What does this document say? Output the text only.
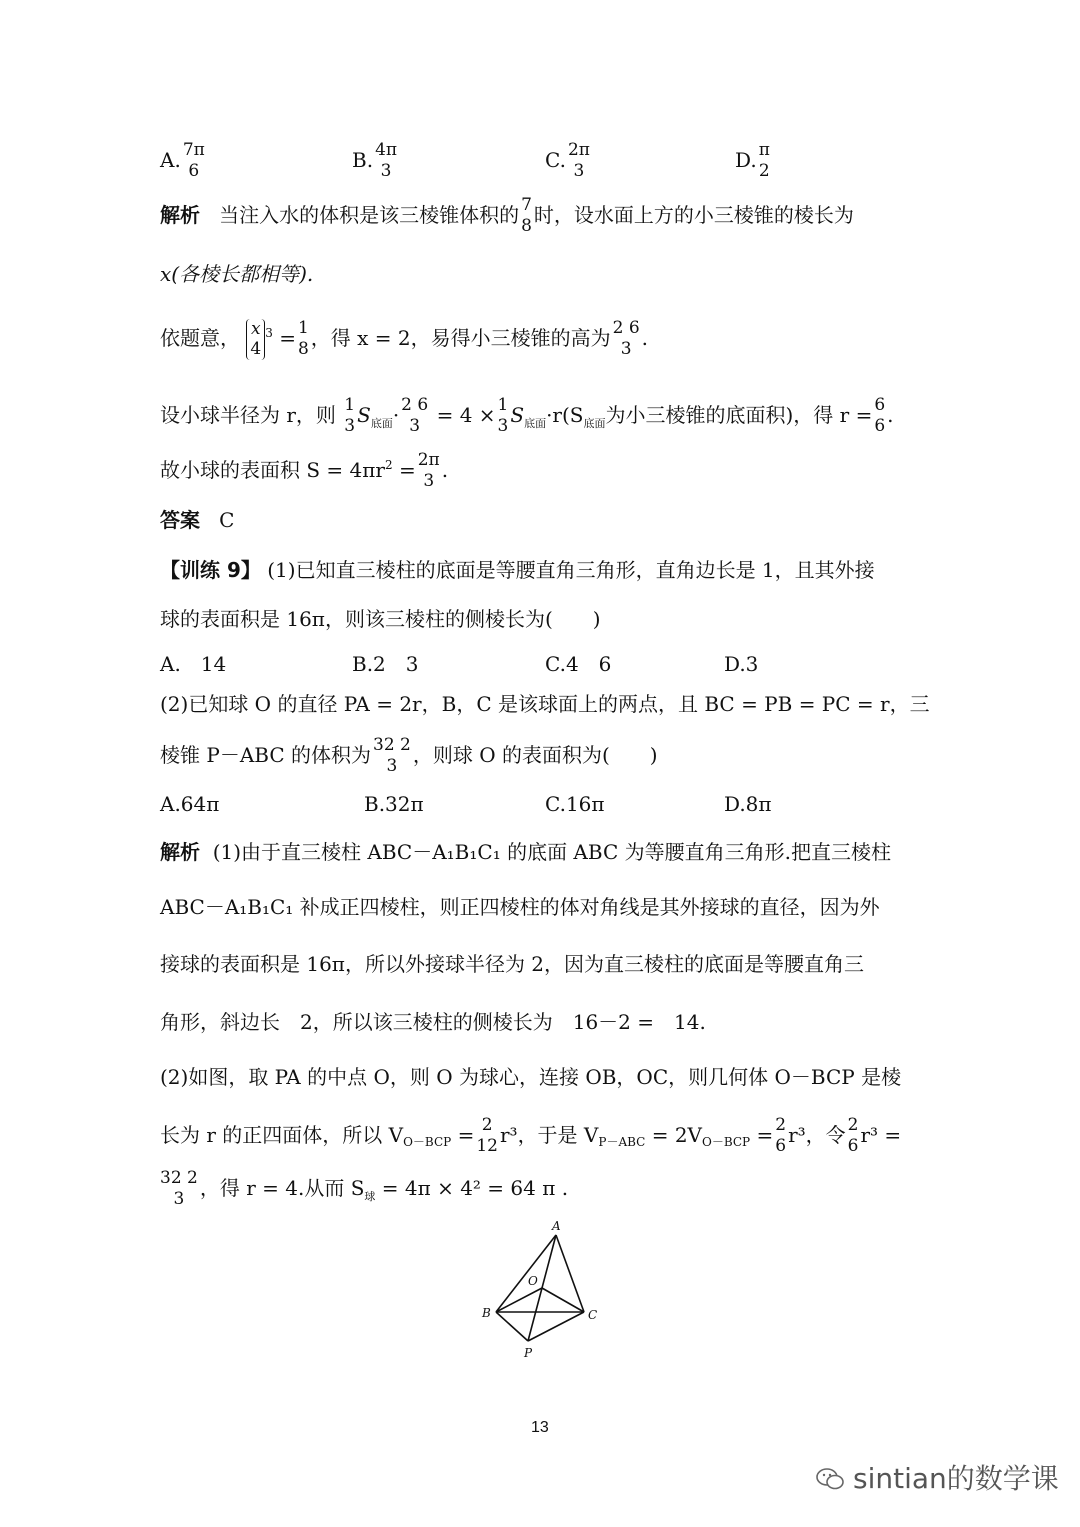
A. 7π
6	B. 4π
3	C. 2π
3	D. π
2
解析 当注入水的体积是该三棱锥体积的 7
8 时，设水面上方的小三棱锥的棱长为
x(各棱长都相等).
依题意， x
4
$^3$ = 1
8 ，得 x = 2，易得小三棱锥的高为 2 6
3 .
设小球半径为 r，则 1
3 $S_{底面}\cdot 2$ 6
3 = 4 × 1
3 $S_{底面}\cdot r(S_{底面}$为小三棱锥的底面积)，得 r = 6
6 .
故小球的表面积 $S = 4\pi r^2 = 2\pi$
3 .
答案 C
【训练 9】 (1)已知直三棱柱的底面是等腰直角三角形，直角边长是 1，且其外接
球的表面积是 16π，则该三棱柱的侧棱长为(　　)
A.　14	B.2　3	C.4　6	D.3
(2)已知球 O 的直径 PA = 2r，B，C 是该球面上的两点，且 BC = PB = PC = r，三
棱锥 P－ABC 的体积为 32 2
3 ，则球 O 的表面积为(　　)
A.64π	B.32π	C.16π	D.8π
解析 (1)由于直三棱柱 ABC－A₁B₁C₁ 的底面 ABC 为等腰直角三角形.把直三棱柱
ABC－A₁B₁C₁ 补成正四棱柱，则正四棱柱的体对角线是其外接球的直径，因为外
接球的表面积是 16π，所以外接球半径为 2，因为直三棱柱的底面是等腰直角三
角形，斜边长　2，所以该三棱柱的侧棱长为　16－2 =　14.
(2)如图，取 PA 的中点 O，则 O 为球心，连接 OB，OC，则几何体 O－BCP 是棱
长为 r 的正四面体，所以 $V_{O-BCP} = 2$
12 r³，于是 $V_{P-ABC} = 2V_{O-BCP} = 2$
6 r³，令 2
6 r³ =
32 2
3 ，得 r = 4.从而 $S_球 = 4\pi \times 4^2 = 64$ π .
A
O
B	C
P
13
sintian的数学课
